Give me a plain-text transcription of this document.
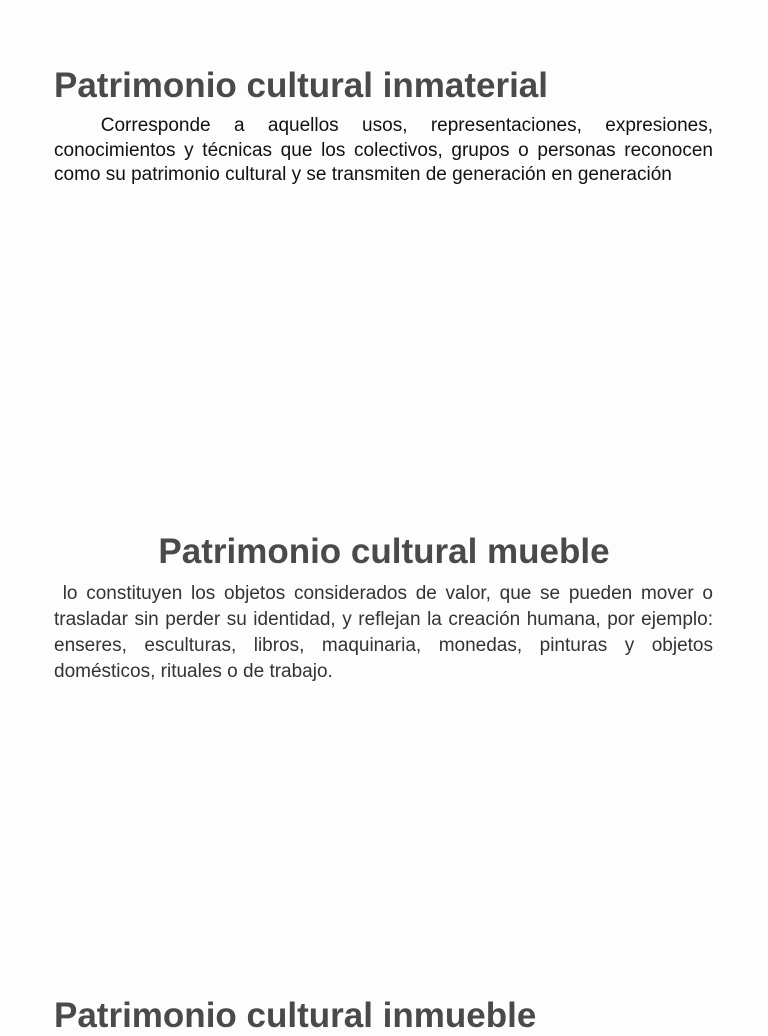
Patrimonio cultural inmaterial

Corresponde a aquellos usos, representaciones, expresiones, conocimientos y técnicas que los colectivos, grupos o personas reconocen como su patrimonio cultural y se transmiten de generación en generación

Patrimonio cultural mueble

lo constituyen los objetos considerados de valor, que se pueden mover o trasladar sin perder su identidad, y reflejan la creación humana, por ejemplo: enseres, esculturas, libros, maquinaria, monedas, pinturas y objetos domésticos, rituales o de trabajo.

Patrimonio cultural inmueble
